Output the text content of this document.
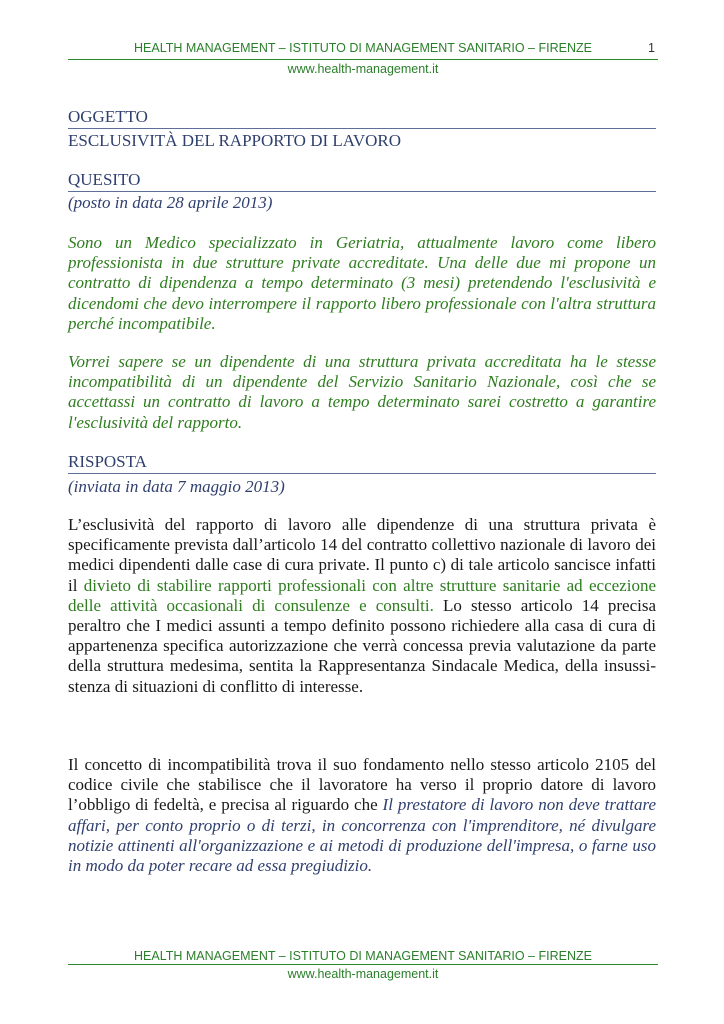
HEALTH MANAGEMENT – ISTITUTO DI MANAGEMENT SANITARIO – FIRENZE	1
www.health-management.it
OGGETTO
ESCLUSIVITÀ DEL RAPPORTO DI LAVORO
QUESITO
(posto in data 28 aprile 2013)
Sono un Medico specializzato in Geriatria, attualmente lavoro come libero professionista in due strutture private accreditate. Una delle due mi propone un contratto di dipendenza a tempo determinato (3 mesi) pretendendo l'esclusività e dicendomi che devo interrompere il rapporto libero professionale con l'altra struttura perché incompatibile.
Vorrei sapere se un dipendente di una struttura privata accreditata ha le stesse incompatibilità di un dipendente del Servizio Sanitario Nazionale, così che se accettassi un contratto di lavoro a tempo determinato sarei costretto a garantire l'esclusività del rapporto.
RISPOSTA
(inviata in data 7 maggio 2013)
L’esclusività del rapporto di lavoro alle dipendenze di una struttura privata è specificamente prevista dall’articolo 14 del contratto collettivo nazionale di lavoro dei medici dipendenti dalle case di cura private. Il punto c) di tale articolo sancisce infatti il divieto di stabilire rapporti professionali con altre strutture sanitarie ad eccezione delle attività occasionali di consulenze e consulti. Lo stesso articolo 14 precisa peraltro che I medici assunti a tempo definito possono richiedere alla casa di cura di appartenenza specifica autorizzazione che verrà concessa previa valutazione da parte della struttura medesima, sentita la Rappresentanza Sindacale Medica, della insussi-stenza di situazioni di conflitto di interesse.
Il concetto di incompatibilità trova il suo fondamento nello stesso articolo 2105 del codice civile che stabilisce che il lavoratore ha verso il proprio datore di lavoro l’obbligo di fedeltà, e precisa al riguardo che Il prestatore di lavoro non deve trattare affari, per conto proprio o di terzi, in concorrenza con l'imprenditore, né divulgare notizie attinenti all'organizzazione e ai metodi di produzione dell'impresa, o farne uso in modo da poter recare ad essa pregiudizio.
HEALTH MANAGEMENT – ISTITUTO DI MANAGEMENT SANITARIO – FIRENZE
www.health-management.it
